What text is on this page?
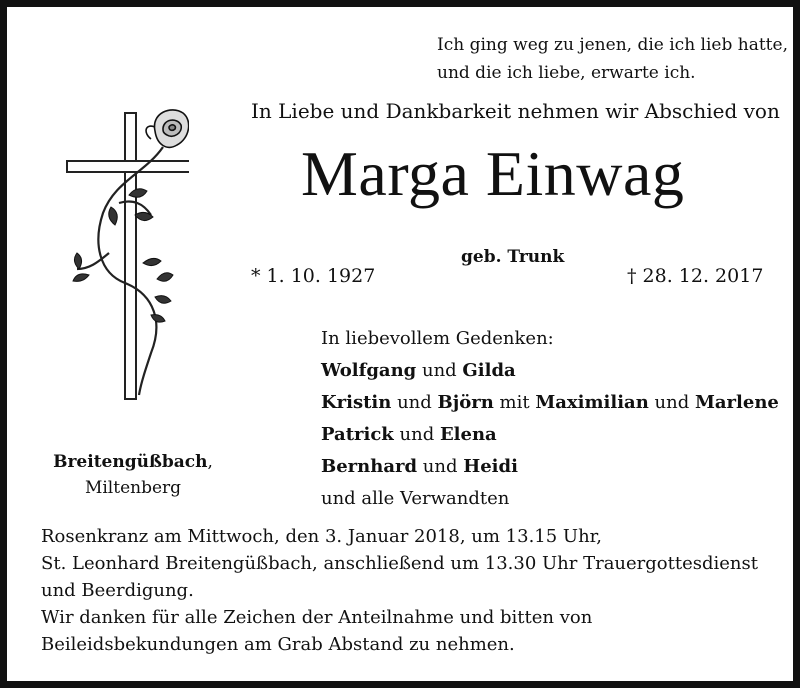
Ich ging weg zu jenen, die ich lieb hatte,
und die ich liebe, erwarte ich.
In Liebe und Dankbarkeit nehmen wir Abschied von
Marga Einwag
geb. Trunk
* 1. 10. 1927	† 28. 12. 2017
In liebevollem Gedenken:
Wolfgang und Gilda
Kristin und Björn mit Maximilian und Marlene
Patrick und Elena
Bernhard und Heidi
und alle Verwandten
Breitengüßbach,
Miltenberg
Rosenkranz am Mittwoch, den 3. Januar 2018, um 13.15 Uhr,
St. Leonhard Breitengüßbach, anschließend um 13.30 Uhr Trauergottesdienst
und Beerdigung.
Wir danken für alle Zeichen der Anteilnahme und bitten von
Beileidsbekundungen am Grab Abstand zu nehmen.
